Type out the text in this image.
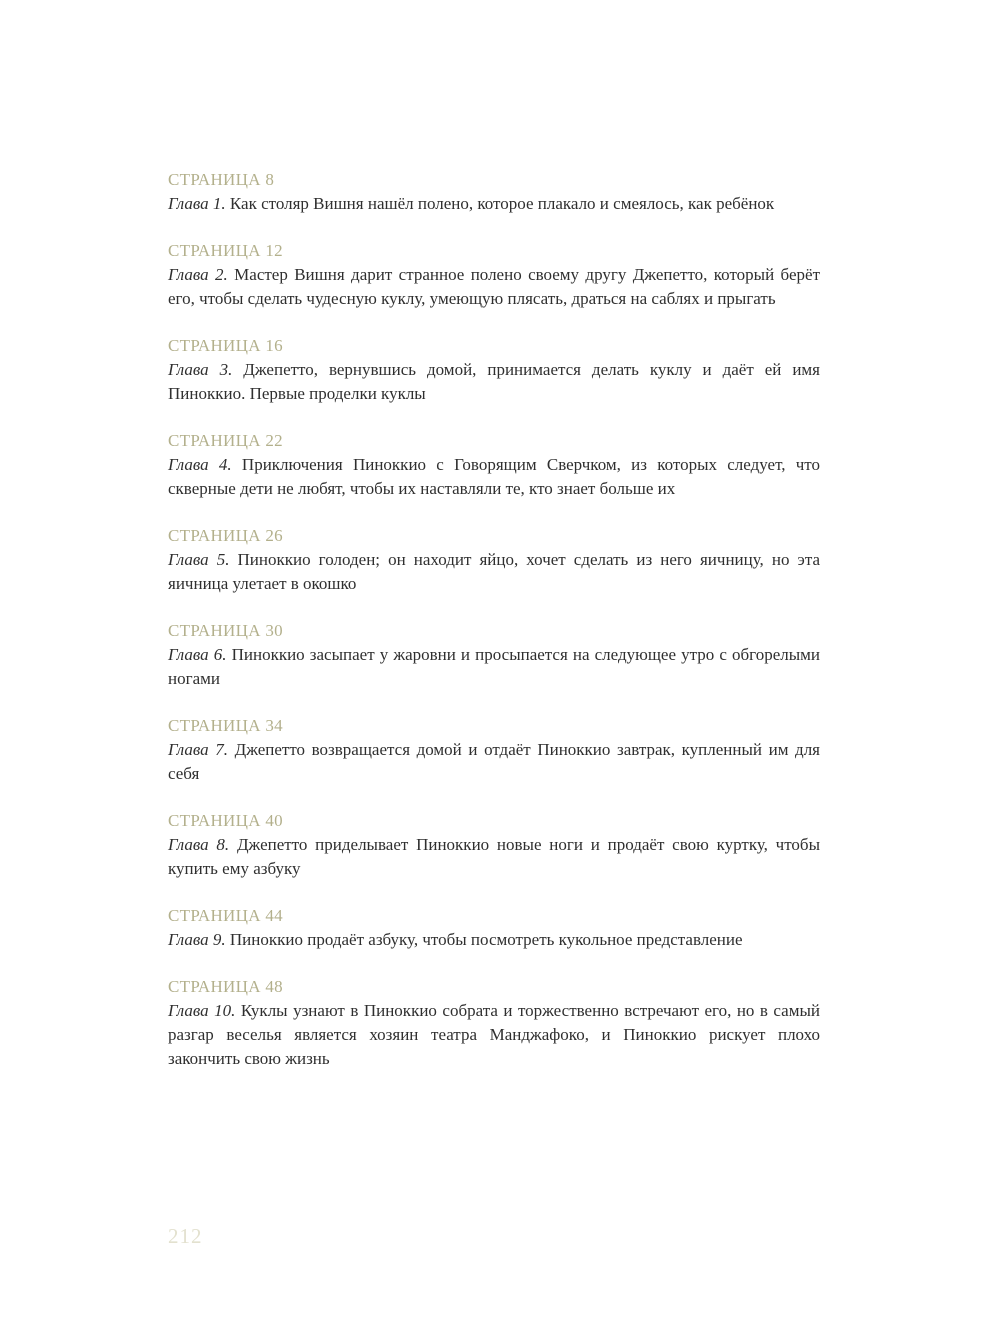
СТРАНИЦА 8
Глава 1. Как столяр Вишня нашёл полено, которое плакало и смеялось, как ребёнок
СТРАНИЦА 12
Глава 2. Мастер Вишня дарит странное полено своему другу Джепетто, который берёт его, чтобы сделать чудесную куклу, умеющую плясать, драться на саблях и прыгать
СТРАНИЦА 16
Глава 3. Джепетто, вернувшись домой, принимается делать куклу и даёт ей имя Пиноккио. Первые проделки куклы
СТРАНИЦА 22
Глава 4. Приключения Пиноккио с Говорящим Сверчком, из которых следует, что скверные дети не любят, чтобы их наставляли те, кто знает больше их
СТРАНИЦА 26
Глава 5. Пиноккио голоден; он находит яйцо, хочет сделать из него яичницу, но эта яичница улетает в окошко
СТРАНИЦА 30
Глава 6. Пиноккио засыпает у жаровни и просыпается на следующее утро с обгорелыми ногами
СТРАНИЦА 34
Глава 7. Джепетто возвращается домой и отдаёт Пиноккио завтрак, купленный им для себя
СТРАНИЦА 40
Глава 8. Джепетто приделывает Пиноккио новые ноги и продаёт свою куртку, чтобы купить ему азбуку
СТРАНИЦА 44
Глава 9. Пиноккио продаёт азбуку, чтобы посмотреть кукольное представление
СТРАНИЦА 48
Глава 10. Куклы узнают в Пиноккио собрата и торжественно встречают его, но в самый разгар веселья является хозяин театра Манджафоко, и Пиноккио рискует плохо закончить свою жизнь
212
